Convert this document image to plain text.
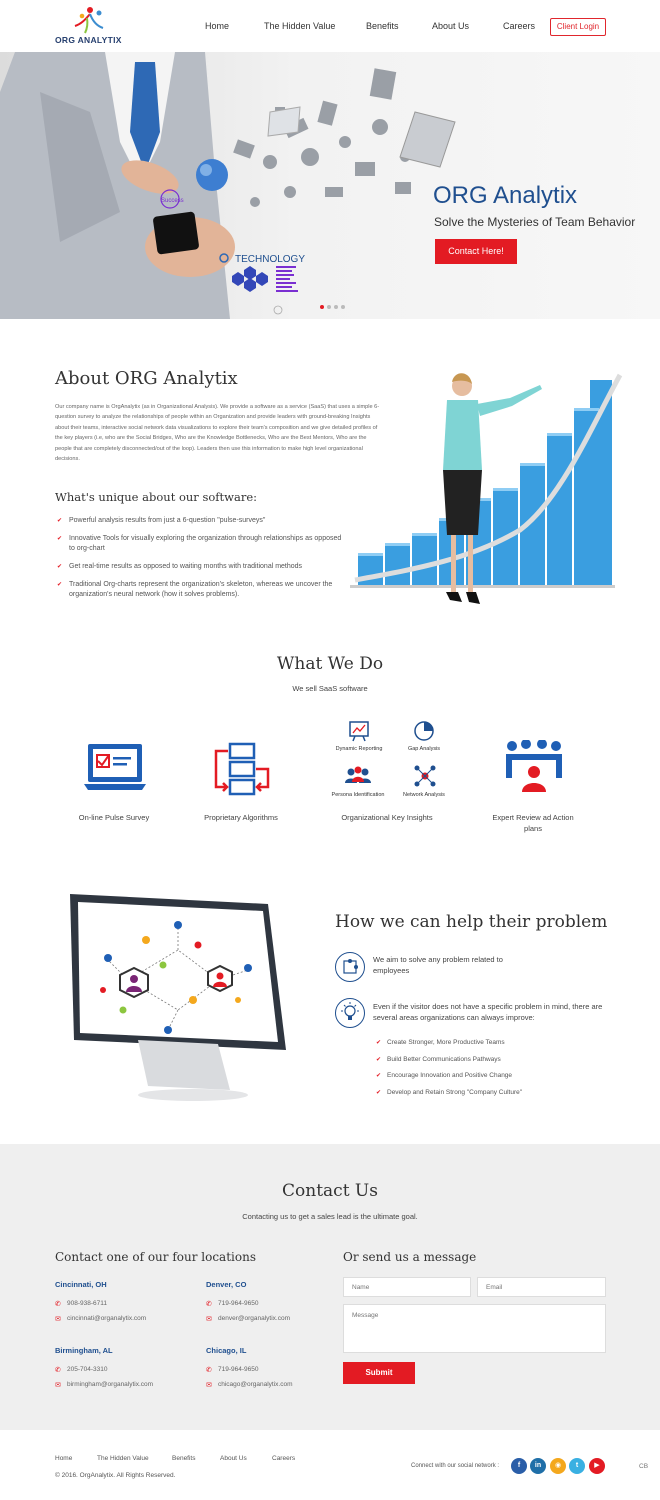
ORG ANALYTIX
Home	The Hidden Value	Benefits	About Us	Careers	Client Login
Success
TECHNOLOGY
ORG Analytix
Solve the Mysteries of Team Behavior
Contact Here!
About ORG Analytix

Our company name is OrgAnalytix (as in Organizational Analysis). We provide a software as a service (SaaS) that uses a simple 6-question survey to analyze the relationships of people within an Organization and provide leaders with ground-breaking Insights about their teams, interactive social network data visualizations to explore their team's composition and we give detailed profiles of the key players (i.e, who are the Social Bridges, Who are the Knowledge Bottlenecks, Who are the Best Mentors, Who are the people that are completely disconnected/out of the loop). Leaders then use this information to make high level organizational decisions.

What's unique about our software:
✔ Powerful analysis results from just a 6-question "pulse-surveys"
✔ Innovative Tools for visually exploring the organization through relationships as opposed to org-chart
✔ Get real-time results as opposed to waiting months with traditional methods
✔ Traditional Org-charts represent the organization's skeleton, whereas we uncover the organization's neural network (how it solves problems).
What We Do
We sell SaaS software
Dynamic Reporting	Gap Analysis
Persona Identification	Network Analysis
On-line Pulse Survey	Proprietary Algorithms	Organizational Key Insights	Expert Review ad Action plans
How we can help their problem
We aim to solve any problem related to employees
Even if the visitor does not have a specific problem in mind, there are several areas organizations can always improve:
✔ Create Stronger, More Productive Teams
✔ Build Better Communications Pathways
✔ Encourage Innovation and Positive Change
✔ Develop and Retain Strong "Company Culture"
Contact Us
Contacting us to get a sales lead is the ultimate goal.
Contact one of our four locations
Cincinnati, OH
✆ 908-938-6711
✉ cincinnati@organalytix.com
Denver, CO
✆ 719-964-9650
✉ denver@organalytix.com
Birmingham, AL
✆ 205-704-3310
✉ birmingham@organalytix.com
Chicago, IL
✆ 719-964-9650
✉ chicago@organalytix.com
Or send us a message
Name
Email
Message
Submit
Home	The Hidden Value	Benefits	About Us	Careers
© 2016. OrgAnalytix. All Rights Reserved.
Connect with our social network :	f	in	◉	t	▶	CB
